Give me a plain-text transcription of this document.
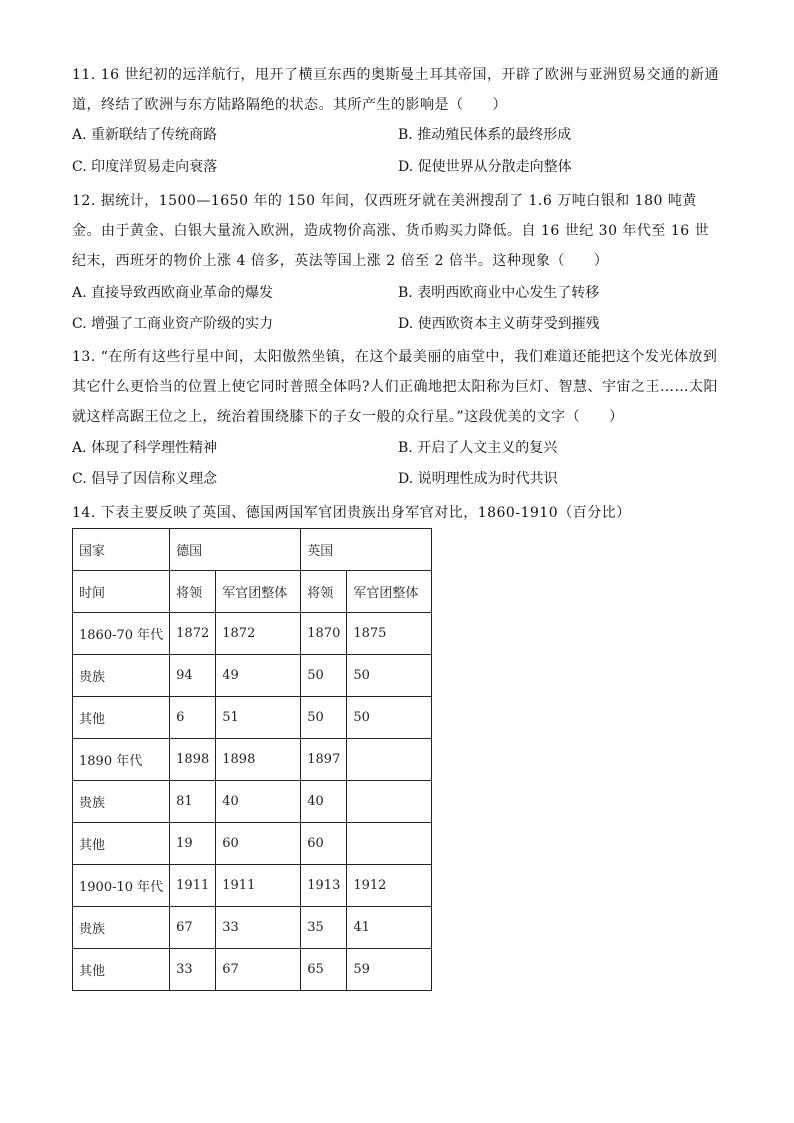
11. 16 世纪初的远洋航行，甩开了横亘东西的奥斯曼土耳其帝国，开辟了欧洲与亚洲贸易交通的新通道，终结了欧洲与东方陆路隔绝的状态。其所产生的影响是（　　）

A. 重新联结了传统商路	B. 推动殖民体系的最终形成
C. 印度洋贸易走向衰落	D. 促使世界从分散走向整体

12. 据统计，1500—1650 年的 150 年间，仅西班牙就在美洲搜刮了 1.6 万吨白银和 180 吨黄金。由于黄金、白银大量流入欧洲，造成物价高涨、货币购买力降低。自 16 世纪 30 年代至 16 世纪末，西班牙的物价上涨 4 倍多，英法等国上涨 2 倍至 2 倍半。这种现象（　　）

A. 直接导致西欧商业革命的爆发	B. 表明西欧商业中心发生了转移
C. 增强了工商业资产阶级的实力	D. 使西欧资本主义萌芽受到摧残

13. “在所有这些行星中间，太阳傲然坐镇，在这个最美丽的庙堂中，我们难道还能把这个发光体放到其它什么更恰当的位置上使它同时普照全体吗?人们正确地把太阳称为巨灯、智慧、宇宙之王……太阳就这样高踞王位之上，统治着围绕膝下的子女一般的众行星。”这段优美的文字（　　）

A. 体现了科学理性精神	B. 开启了人文主义的复兴
C. 倡导了因信称义理念	D. 说明理性成为时代共识

14. 下表主要反映了英国、德国两国军官团贵族出身军官对比，1860-1910（百分比）

国家	德国		英国	
时间	将领	军官团整体	将领	军官团整体
1860-70 年代	1872	1872	1870	1875
贵族	94	49	50	50
其他	6	51	50	50
1890 年代	1898	1898	1897	
贵族	81	40	40	
其他	19	60	60	
1900-10 年代	1911	1911	1913	1912
贵族	67	33	35	41
其他	33	67	65	59
